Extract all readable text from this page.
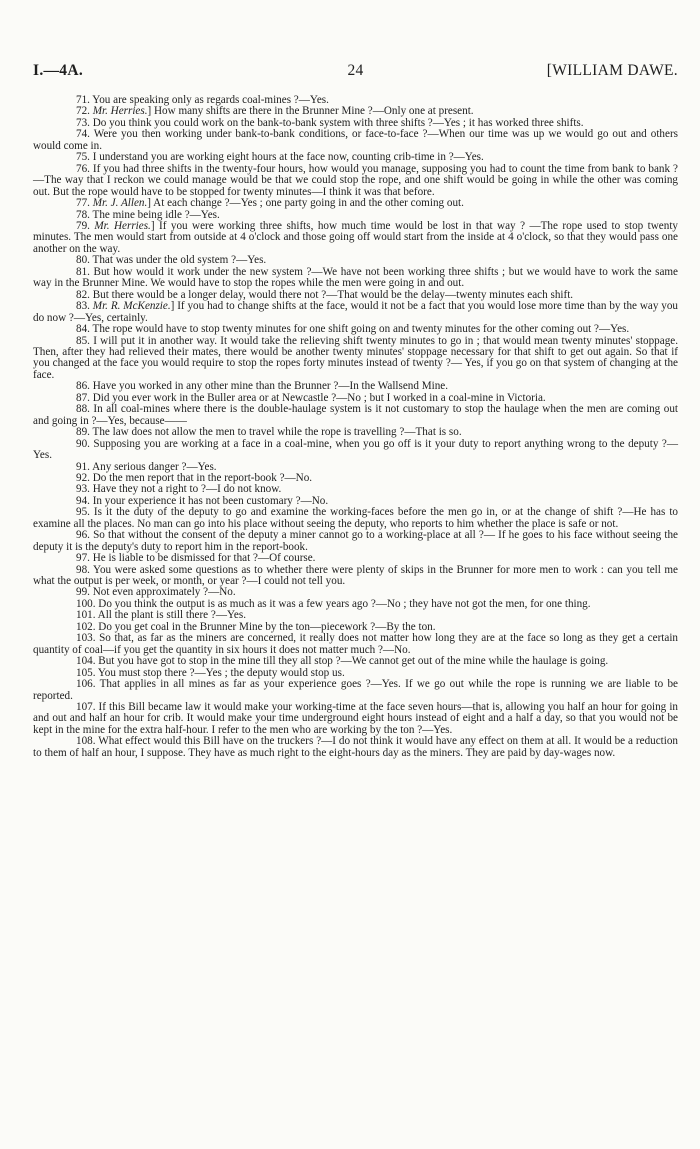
I.—4A.	24	[WILLIAM DAWE.

71. You are speaking only as regards coal-mines ?—Yes.

72. Mr. Herries.] How many shifts are there in the Brunner Mine ?—Only one at present.

73. Do you think you could work on the bank-to-bank system with three shifts ?—Yes ; it has worked three shifts.

74. Were you then working under bank-to-bank conditions, or face-to-face ?—When our time was up we would go out and others would come in.

75. I understand you are working eight hours at the face now, counting crib-time in ?—Yes.

76. If you had three shifts in the twenty-four hours, how would you manage, supposing you had to count the time from bank to bank ?—The way that I reckon we could manage would be that we could stop the rope, and one shift would be going in while the other was coming out. But the rope would have to be stopped for twenty minutes—I think it was that before.

77. Mr. J. Allen.] At each change ?—Yes ; one party going in and the other coming out.

78. The mine being idle ?—Yes.

79. Mr. Herries.] If you were working three shifts, how much time would be lost in that way ? —The rope used to stop twenty minutes. The men would start from outside at 4 o'clock and those going off would start from the inside at 4 o'clock, so that they would pass one another on the way.

80. That was under the old system ?—Yes.

81. But how would it work under the new system ?—We have not been working three shifts ; but we would have to work the same way in the Brunner Mine. We would have to stop the ropes while the men were going in and out.

82. But there would be a longer delay, would there not ?—That would be the delay—twenty minutes each shift.

83. Mr. R. McKenzie.] If you had to change shifts at the face, would it not be a fact that you would lose more time than by the way you do now ?—Yes, certainly.

84. The rope would have to stop twenty minutes for one shift going on and twenty minutes for the other coming out ?—Yes.

85. I will put it in another way. It would take the relieving shift twenty minutes to go in ; that would mean twenty minutes' stoppage. Then, after they had relieved their mates, there would be another twenty minutes' stoppage necessary for that shift to get out again. So that if you changed at the face you would require to stop the ropes forty minutes instead of twenty ?— Yes, if you go on that system of changing at the face.

86. Have you worked in any other mine than the Brunner ?—In the Wallsend Mine.

87. Did you ever work in the Buller area or at Newcastle ?—No ; but I worked in a coal-mine in Victoria.

88. In all coal-mines where there is the double-haulage system is it not customary to stop the haulage when the men are coming out and going in ?—Yes, because——

89. The law does not allow the men to travel while the rope is travelling ?—That is so.

90. Supposing you are working at a face in a coal-mine, when you go off is it your duty to report anything wrong to the deputy ?—Yes.

91. Any serious danger ?—Yes.

92. Do the men report that in the report-book ?—No.

93. Have they not a right to ?—I do not know.

94. In your experience it has not been customary ?—No.

95. Is it the duty of the deputy to go and examine the working-faces before the men go in, or at the change of shift ?—He has to examine all the places. No man can go into his place without seeing the deputy, who reports to him whether the place is safe or not.

96. So that without the consent of the deputy a miner cannot go to a working-place at all ?— If he goes to his face without seeing the deputy it is the deputy's duty to report him in the report-book.

97. He is liable to be dismissed for that ?—Of course.

98. You were asked some questions as to whether there were plenty of skips in the Brunner for more men to work : can you tell me what the output is per week, or month, or year ?—I could not tell you.

99. Not even approximately ?—No.

100. Do you think the output is as much as it was a few years ago ?—No ; they have not got the men, for one thing.

101. All the plant is still there ?—Yes.

102. Do you get coal in the Brunner Mine by the ton—piecework ?—By the ton.

103. So that, as far as the miners are concerned, it really does not matter how long they are at the face so long as they get a certain quantity of coal—if you get the quantity in six hours it does not matter much ?—No.

104. But you have got to stop in the mine till they all stop ?—We cannot get out of the mine while the haulage is going.

105. You must stop there ?—Yes ; the deputy would stop us.

106. That applies in all mines as far as your experience goes ?—Yes. If we go out while the rope is running we are liable to be reported.

107. If this Bill became law it would make your working-time at the face seven hours—that is, allowing you half an hour for going in and out and half an hour for crib. It would make your time underground eight hours instead of eight and a half a day, so that you would not be kept in the mine for the extra half-hour. I refer to the men who are working by the ton ?—Yes.

108. What effect would this Bill have on the truckers ?—I do not think it would have any effect on them at all. It would be a reduction to them of half an hour, I suppose. They have as much right to the eight-hours day as the miners. They are paid by day-wages now.
